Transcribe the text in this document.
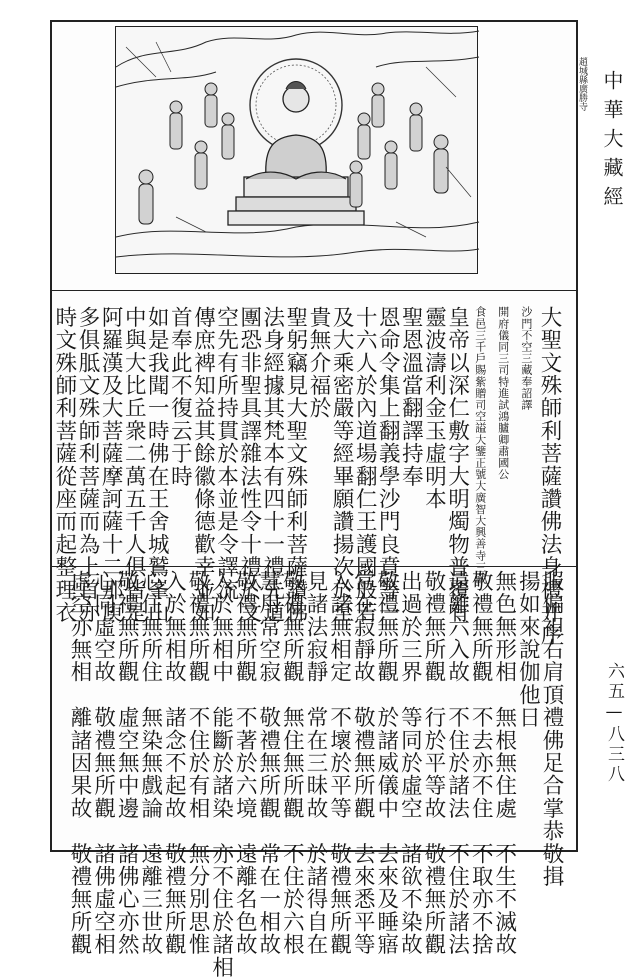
趙城縣廣勝寺
大聖文殊師利菩薩讚佛法身禮并序
沙門不空三藏奉詔譯
開府儀同三司特進試鴻臚卿肅國公
食邑三千戶賜紫贈司空謚大鑒正號大廣智大興善寺三藏
皇帝以深仁敷字大明燭物普覆有
靈波濤利金玉虛明本
聖恩溫當翻譯持奉
恩命令集上翻義學沙門良賁等一
十六人於內道場翻仁王護國般若
及大乘密嚴等經畢願讚揚次於至
貴無介福於
聖躬竊見大聖文殊師利菩薩讚佛
法身經據其梵本有四十一禮先道
團恐非聖具譯雜法性令十禮於文
空先有所持貫於本並是令譯流
傳庶裨知益其餘徽條德歡幸並如
首奉此不復云于時
如是我聞一時佛在王舍城鷲峯山
中與大比丘衆二萬五千人俱皆是
阿羅漢及大菩薩摩訶薩十二那庾
多俱胝文殊師利菩薩而為上首亦
時文殊師利菩薩從座而起整理衣
服偏袒右肩頂禮佛足合掌恭敬揖
揚如來說伽他日
無色無形相　無根無住處　不生不滅故
敬禮無所觀　不去亦不住　不取亦不捨
遠離六入故　不住於諸法　不住於諸法
敬禮無所觀　行於平等故　敬禮無所觀
出過於三界　等同於虛空　諸欲不染故
敬禮無所觀　於諸威儀中　去來及睡寤
常在寂靜故　敬禮無所觀　去來悉平等
入諸無相定　不壞於平等　敬禮無所觀
見諸法寂靜　常在三昧故　於諸得自在
敬禮無所觀　無住無所觀　不住於六根
慧用常空寂　敬禮無所觀　常在一相故
敬禮無所觀　不著於六境　遠離名色故
入於無相中　能斷於諸染　亦不住於諸相
敬禮無所觀　不住於有相　無分別思惟
入於無相故　諸念不起故　敬禮無所觀
心住無所住　無染無戲論　遠離三世故
敬禮無所觀　虛空無中邊　諸佛心亦然
心同虛空故　敬禮無所觀　諸佛虛空相
虛空亦無相　離諸因果故　敬禮無所觀
中華大藏經
六五—八三八
